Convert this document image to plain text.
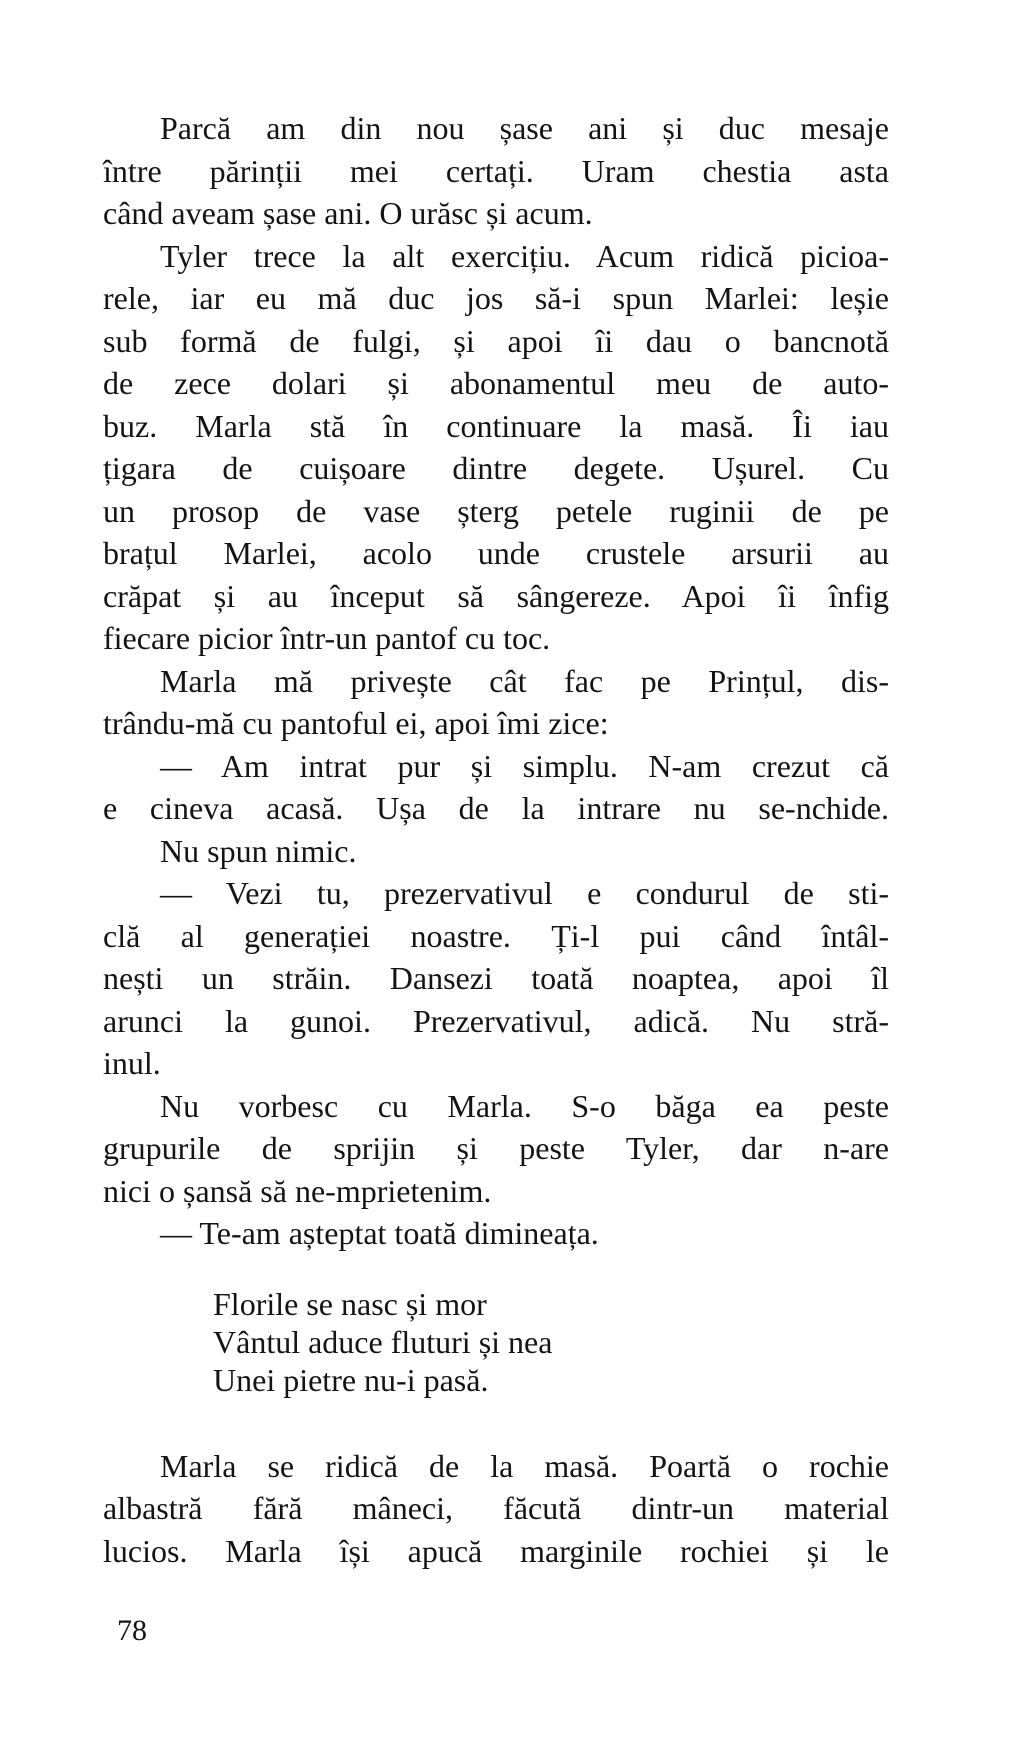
Parcă am din nou șase ani și duc mesaje
între părinții mei certați. Uram chestia asta
când aveam șase ani. O urăsc și acum.

Tyler trece la alt exercițiu. Acum ridică picioa-
rele, iar eu mă duc jos să-i spun Marlei: leșie
sub formă de fulgi, și apoi îi dau o bancnotă
de zece dolari și abonamentul meu de auto-
buz. Marla stă în continuare la masă. Îi iau
țigara de cuișoare dintre degete. Ușurel. Cu
un prosop de vase șterg petele ruginii de pe
brațul Marlei, acolo unde crustele arsurii au
crăpat și au început să sângereze. Apoi îi înfig
fiecare picior într-un pantof cu toc.

Marla mă privește cât fac pe Prințul, dis-
trându-mă cu pantoful ei, apoi îmi zice:

— Am intrat pur și simplu. N-am crezut că
e cineva acasă. Ușa de la intrare nu se-nchide.

Nu spun nimic.

— Vezi tu, prezervativul e condurul de sti-
clă al generației noastre. Ți-l pui când întâl-
nești un străin. Dansezi toată noaptea, apoi îl
arunci la gunoi. Prezervativul, adică. Nu stră-
inul.

Nu vorbesc cu Marla. S-o băga ea peste
grupurile de sprijin și peste Tyler, dar n-are
nici o șansă să ne-mprietenim.

— Te-am așteptat toată dimineața.

Florile se nasc și mor
Vântul aduce fluturi și nea
Unei pietre nu-i pasă.

Marla se ridică de la masă. Poartă o rochie
albastră fără mâneci, făcută dintr-un material
lucios. Marla își apucă marginile rochiei și le

78
